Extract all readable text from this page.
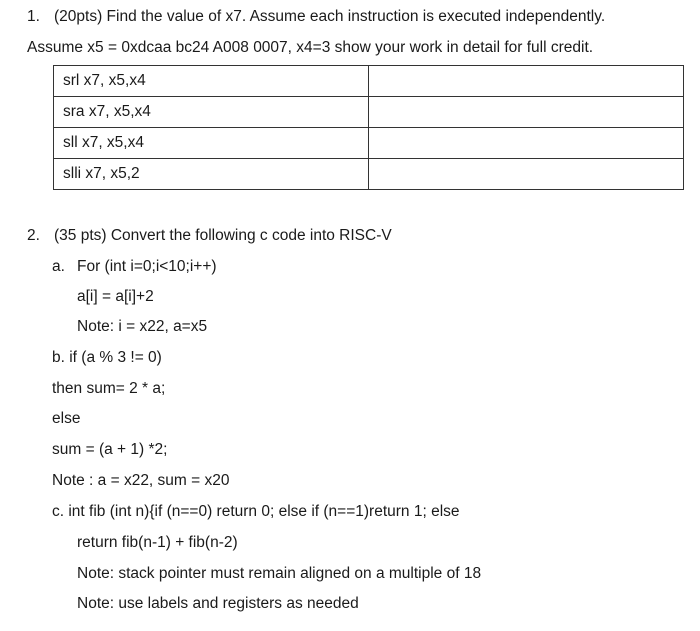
1. (20pts) Find the value of x7. Assume each instruction is executed independently.
Assume x5 = 0xdcaa bc24 A008 0007, x4=3 show your work in detail for full credit.
srl x7, x5,x4	
sra x7, x5,x4	
sll x7, x5,x4	
slli x7, x5,2	
2. (35 pts) Convert the following c code into RISC-V
a. For (int i=0;i<10;i++)
a[i] = a[i]+2
Note: i = x22, a=x5
b. if (a % 3 != 0)
then sum= 2 * a;
else
sum = (a + 1) *2;
Note : a = x22, sum = x20
c. int fib (int n){if (n==0) return 0; else if (n==1)return 1; else
return fib(n-1) + fib(n-2)
Note: stack pointer must remain aligned on a multiple of 18
Note: use labels and registers as needed
